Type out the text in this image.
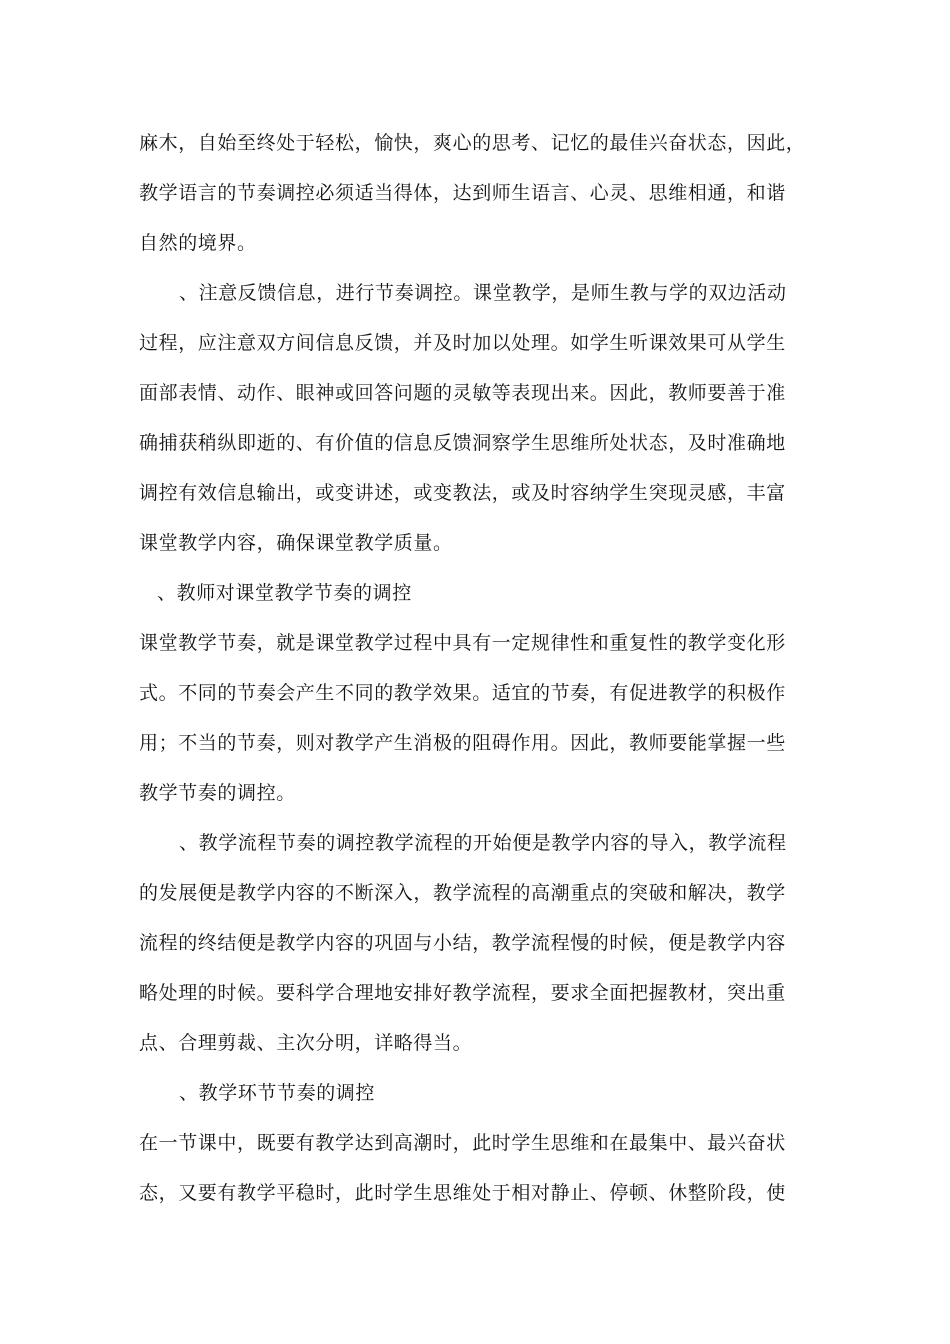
麻木，自始至终处于轻松，愉快，爽心的思考、记忆的最佳兴奋状态，因此，
教学语言的节奏调控必须适当得体，达到师生语言、心灵、思维相通，和谐
自然的境界。
、注意反馈信息，进行节奏调控。课堂教学，是师生教与学的双边活动
过程，应注意双方间信息反馈，并及时加以处理。如学生听课效果可从学生
面部表情、动作、眼神或回答问题的灵敏等表现出来。因此，教师要善于准
确捕获稍纵即逝的、有价值的信息反馈洞察学生思维所处状态，及时准确地
调控有效信息输出，或变讲述，或变教法，或及时容纳学生突现灵感，丰富
课堂教学内容，确保课堂教学质量。
、教师对课堂教学节奏的调控
课堂教学节奏，就是课堂教学过程中具有一定规律性和重复性的教学变化形
式。不同的节奏会产生不同的教学效果。适宜的节奏，有促进教学的积极作
用；不当的节奏，则对教学产生消极的阻碍作用。因此，教师要能掌握一些
教学节奏的调控。
、教学流程节奏的调控教学流程的开始便是教学内容的导入，教学流程
的发展便是教学内容的不断深入，教学流程的高潮重点的突破和解决，教学
流程的终结便是教学内容的巩固与小结，教学流程慢的时候，便是教学内容
略处理的时候。要科学合理地安排好教学流程，要求全面把握教材，突出重
点、合理剪裁、主次分明，详略得当。
、教学环节节奏的调控
在一节课中，既要有教学达到高潮时，此时学生思维和在最集中、最兴奋状
态，又要有教学平稳时，此时学生思维处于相对静止、停顿、休整阶段，使
